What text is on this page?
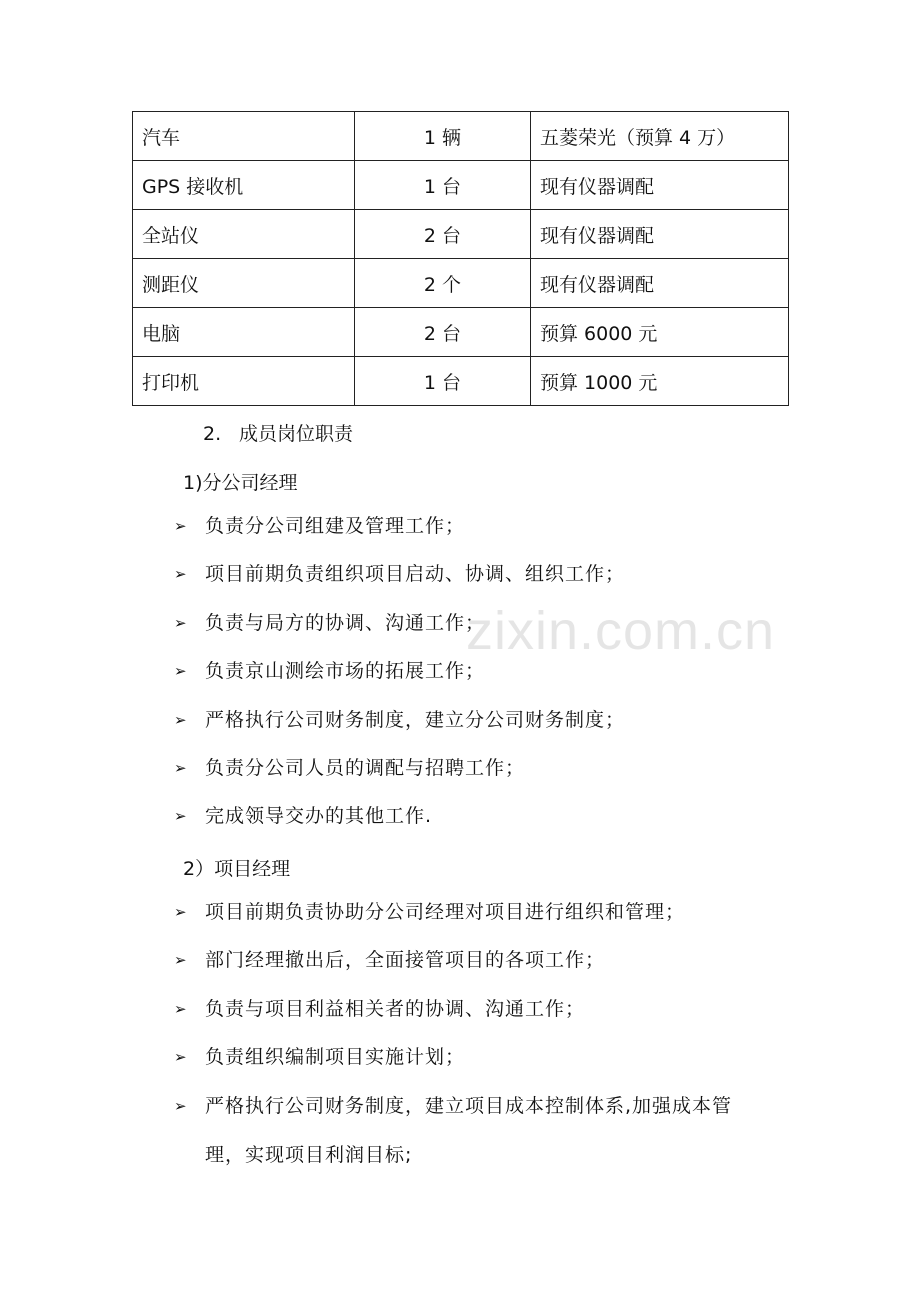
汽车	1 辆	五菱荣光（预算 4 万）
GPS 接收机	1 台	现有仪器调配
全站仪	2 台	现有仪器调配
测距仪	2 个	现有仪器调配
电脑	2 台	预算 6000 元
打印机	1 台	预算 1000 元
2. 成员岗位职责
1)分公司经理
➢ 负责分公司组建及管理工作；
➢ 项目前期负责组织项目启动、协调、组织工作；
➢ 负责与局方的协调、沟通工作；
➢ 负责京山测绘市场的拓展工作；
➢ 严格执行公司财务制度，建立分公司财务制度；
➢ 负责分公司人员的调配与招聘工作；
➢ 完成领导交办的其他工作.
2）项目经理
➢ 项目前期负责协助分公司经理对项目进行组织和管理；
➢ 部门经理撤出后，全面接管项目的各项工作；
➢ 负责与项目利益相关者的协调、沟通工作；
➢ 负责组织编制项目实施计划；
➢ 严格执行公司财务制度，建立项目成本控制体系,加强成本管
理，实现项目利润目标;
zixin.com.cn
